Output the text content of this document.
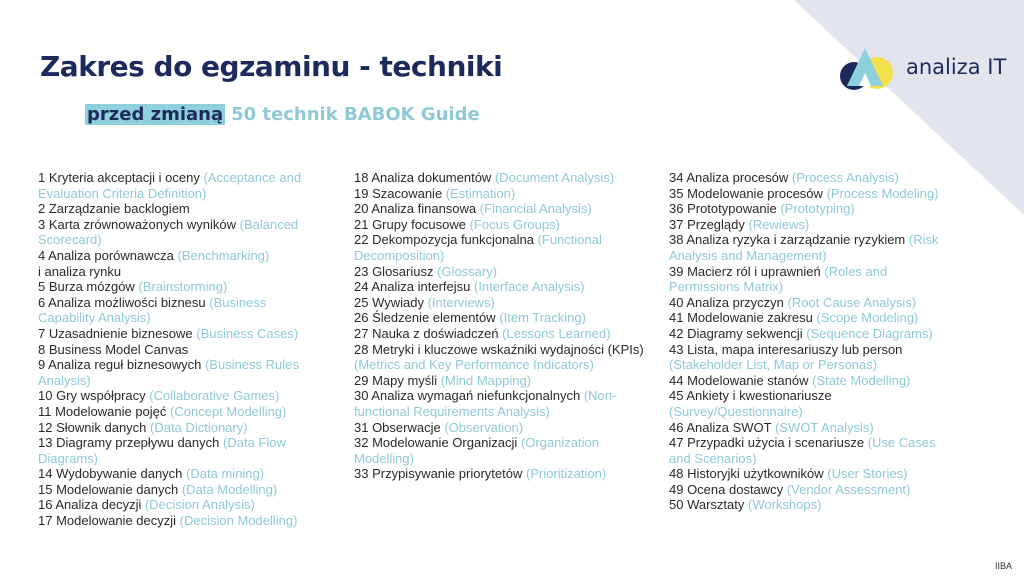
Zakres do egzaminu - techniki
przed zmianą 50 technik BABOK Guide
analiza IT

1 Kryteria akceptacji i oceny (Acceptance and Evaluation Criteria Definition)

2 Zarządzanie backlogiem

3 Karta zrównoważonych wyników (Balanced Scorecard)

4 Analiza porównawcza (Benchmarking)
i analiza rynku

5 Burza mózgów (Brainstorming)

6 Analiza możliwości biznesu (Business Capability Analysis)

7 Uzasadnienie biznesowe (Business Cases)

8 Business Model Canvas

9 Analiza reguł biznesowych (Business Rules Analysis)

10 Gry współpracy (Collaborative Games)

11 Modelowanie pojęć (Concept Modelling)

12 Słownik danych (Data Dictionary)

13 Diagramy przepływu danych (Data Flow Diagrams)

14 Wydobywanie danych (Data mining)

15 Modelowanie danych (Data Modelling)

16 Analiza decyzji (Decision Analysis)

17 Modelowanie decyzji (Decision Modelling)

18 Analiza dokumentów (Document Analysis)

19 Szacowanie (Estimation)

20 Analiza finansowa (Financial Analysis)

21 Grupy focusowe (Focus Groups)

22 Dekompozycja funkcjonalna (Functional Decomposition)

23 Glosariusz (Glossary)

24 Analiza interfejsu (Interface Analysis)

25 Wywiady (Interviews)

26 Śledzenie elementów (Item Tracking)

27 Nauka z doświadczeń (Lessons Learned)

28 Metryki i kluczowe wskaźniki wydajności (KPIs) (Metrics and Key Performance Indicators)

29 Mapy myśli (Mind Mapping)

30 Analiza wymagań niefunkcjonalnych (Non-functional Requirements Analysis)

31 Obserwacje (Observation)

32 Modelowanie Organizacji (Organization Modelling)

33 Przypisywanie priorytetów (Prioritization)

34 Analiza procesów (Process Analysis)

35 Modelowanie procesów (Process Modeling)

36 Prototypowanie (Prototyping)

37 Przeglądy (Rewiews)

38 Analiza ryzyka i zarządzanie ryzykiem (Risk Analysis and Management)

39 Macierz ról i uprawnień (Roles and Permissions Matrix)

40 Analiza przyczyn (Root Cause Analysis)

41 Modelowanie zakresu (Scope Modeling)

42 Diagramy sekwencji (Sequence Diagrams)

43 Lista, mapa interesariuszy lub person (Stakeholder List, Map or Personas)

44 Modelowanie stanów (State Modelling)

45 Ankiety i kwestionariusze (Survey/Questionnaire)

46 Analiza SWOT (SWOT Analysis)

47 Przypadki użycia i scenariusze (Use Cases and Scenarios)

48 Historyjki użytkowników (User Stories)

49 Ocena dostawcy (Vendor Assessment)

50 Warsztaty (Workshops)

IIBA
